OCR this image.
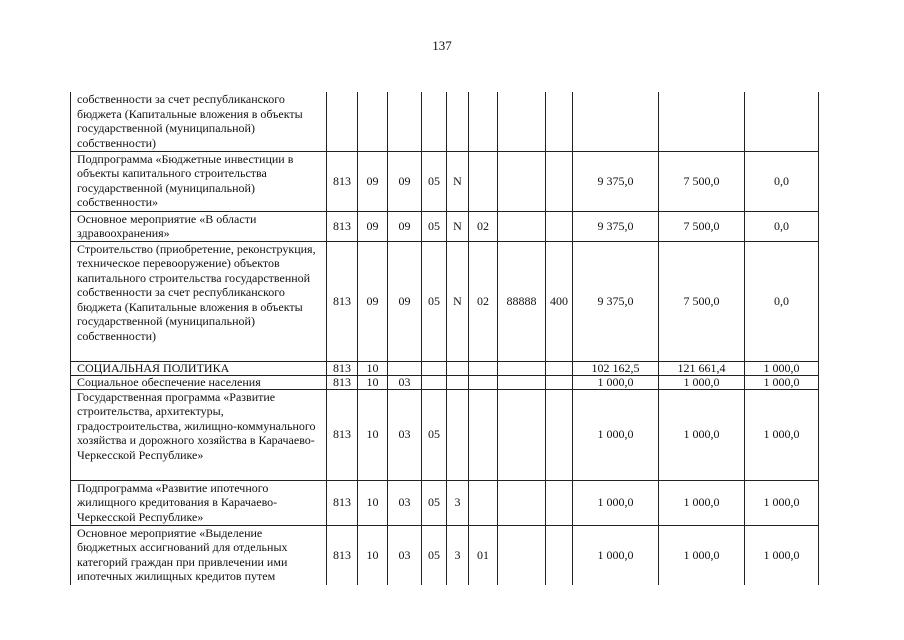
137
собственности за счет республиканского бюджета (Капитальные вложения в объекты государственной (муниципальной) собственности)											
Подпрограмма «Бюджетные инвестиции в объекты капитального строительства государственной (муниципальной) собственности»	813	09	09	05	N				9 375,0	7 500,0	0,0
Основное мероприятие «В области здравоохранения»	813	09	09	05	N	02			9 375,0	7 500,0	0,0
Строительство (приобретение, реконструкция, техническое перевооружение) объектов капитального строительства государственной собственности за счет республиканского бюджета (Капитальные вложения в объекты государственной (муниципальной) собственности)	813	09	09	05	N	02	88888	400	9 375,0	7 500,0	0,0
СОЦИАЛЬНАЯ ПОЛИТИКА	813	10							102 162,5	121 661,4	1 000,0
Социальное обеспечение населения	813	10	03						1 000,0	1 000,0	1 000,0
Государственная программа «Развитие строительства, архитектуры, градостроительства, жилищно-коммунального хозяйства и дорожного хозяйства в Карачаево-Черкесской Республике»	813	10	03	05					1 000,0	1 000,0	1 000,0
Подпрограмма «Развитие ипотечного жилищного кредитования в Карачаево-Черкесской Республике»	813	10	03	05	3				1 000,0	1 000,0	1 000,0
Основное мероприятие «Выделение бюджетных ассигнований для отдельных категорий граждан при привлечении ими ипотечных жилищных кредитов путем	813	10	03	05	3	01			1 000,0	1 000,0	1 000,0
